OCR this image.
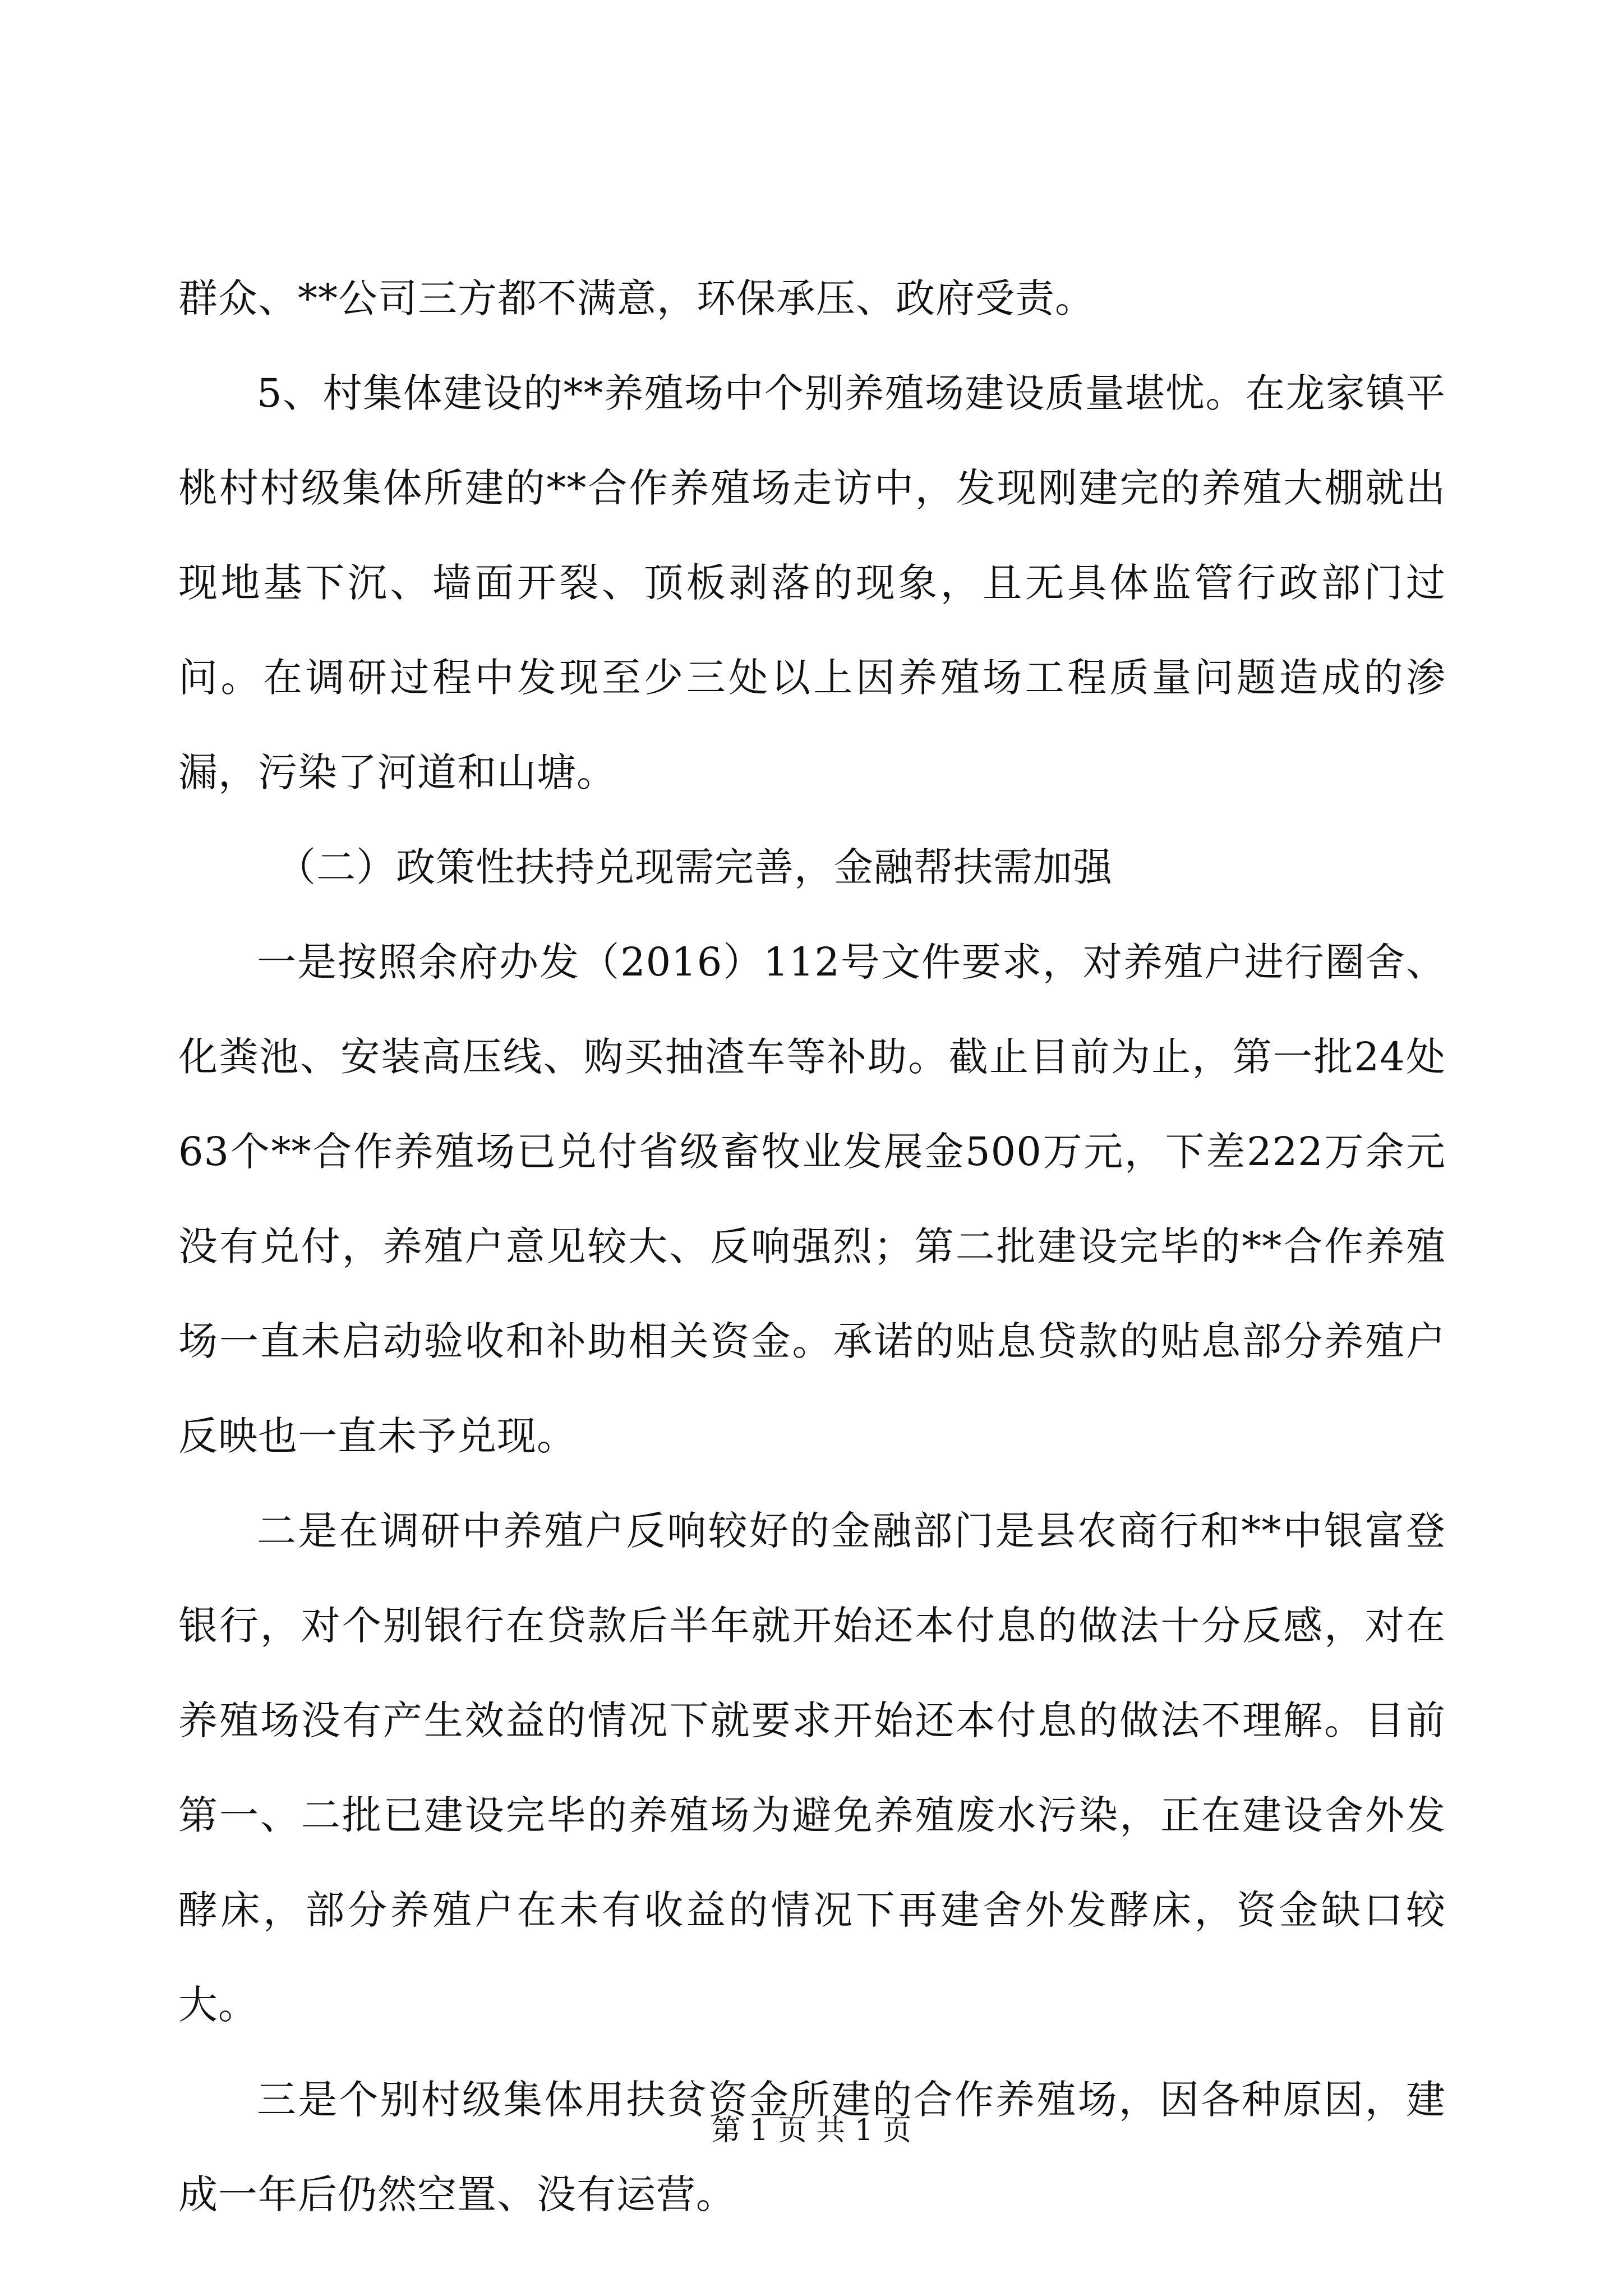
群众、**公司三方都不满意，环保承压、政府受责。

5、村集体建设的**养殖场中个别养殖场建设质量堪忧。在龙家镇平桃村村级集体所建的**合作养殖场走访中，发现刚建完的养殖大棚就出现地基下沉、墙面开裂、顶板剥落的现象，且无具体监管行政部门过问。在调研过程中发现至少三处以上因养殖场工程质量问题造成的渗漏，污染了河道和山塘。

（二）政策性扶持兑现需完善，金融帮扶需加强

一是按照余府办发（2016）112号文件要求，对养殖户进行圈舍、化粪池、安装高压线、购买抽渣车等补助。截止目前为止，第一批24处63个**合作养殖场已兑付省级畜牧业发展金500万元，下差222万余元没有兑付，养殖户意见较大、反响强烈；第二批建设完毕的**合作养殖场一直未启动验收和补助相关资金。承诺的贴息贷款的贴息部分养殖户反映也一直未予兑现。

二是在调研中养殖户反响较好的金融部门是县农商行和**中银富登银行，对个别银行在贷款后半年就开始还本付息的做法十分反感，对在养殖场没有产生效益的情况下就要求开始还本付息的做法不理解。目前第一、二批已建设完毕的养殖场为避免养殖废水污染，正在建设舍外发酵床，部分养殖户在未有收益的情况下再建舍外发酵床，资金缺口较大。

三是个别村级集体用扶贫资金所建的合作养殖场，因各种原因，建成一年后仍然空置、没有运营。

第 1 页 共 1 页
